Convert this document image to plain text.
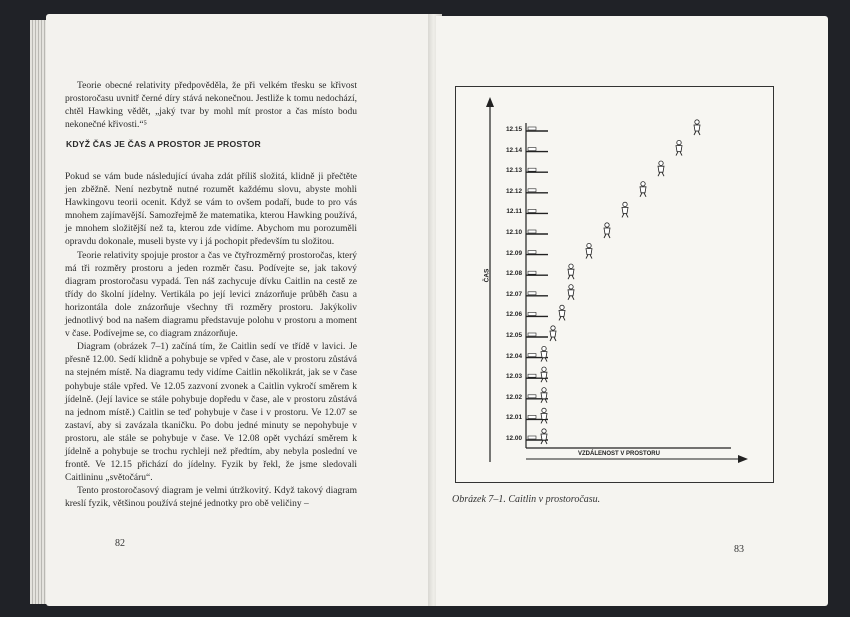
Teorie obecné relativity předpověděla, že při velkém třesku se křivost prostoročasu uvnitř černé díry stává nekonečnou. Jestliže k tomu nedochází, chtěl Hawking vědět, „jaký tvar by mohl mít prostor a čas místo bodu nekonečné křivosti.“⁵

KDYŽ ČAS JE ČAS A PROSTOR JE PROSTOR

Pokud se vám bude následující úvaha zdát příliš složitá, klidně ji přečtěte jen zběžně. Není nezbytně nutné rozumět každému slovu, abyste mohli Hawkingovu teorii ocenit. Když se vám to ovšem podaří, bude to pro vás mnohem zajímavější. Samozřejmě že matematika, kterou Hawking používá, je mnohem složitější než ta, kterou zde vidíme. Abychom mu porozuměli opravdu dokonale, museli byste vy i já pochopit především tu složitou.

Teorie relativity spojuje prostor a čas ve čtyřrozměrný prostoročas, který má tři rozměry prostoru a jeden rozměr času. Podívejte se, jak takový diagram prostoročasu vypadá. Ten náš zachycuje dívku Caitlin na cestě ze třídy do školní jídelny. Vertikála po její levici znázorňuje průběh času a horizontála dole znázorňuje všechny tři rozměry prostoru. Jakýkoliv jednotlivý bod na našem diagramu představuje polohu v prostoru a moment v čase. Podívejme se, co diagram znázorňuje.

Diagram (obrázek 7–1) začíná tím, že Caitlin sedí ve třídě v lavici. Je přesně 12.00. Sedí klidně a pohybuje se vpřed v čase, ale v prostoru zůstává na stejném místě. Na diagramu tedy vidíme Caitlin několikrát, jak se v čase pohybuje stále vpřed. Ve 12.05 zazvoní zvonek a Caitlin vykročí směrem k jídelně. (Její lavice se stále pohybuje dopředu v čase, ale v prostoru zůstává na jednom místě.) Caitlin se teď pohybuje v čase i v prostoru. Ve 12.07 se zastaví, aby si zavázala tkaničku. Po dobu jedné minuty se nepohybuje v prostoru, ale stále se pohybuje v čase. Ve 12.08 opět vychází směrem k jídelně a pohybuje se trochu rychleji než předtím, aby nebyla poslední ve frontě. Ve 12.15 přichází do jídelny. Fyzik by řekl, že jsme sledovali Caitlininu „světočáru“.

Tento prostoročasový diagram je velmi útržkovitý. Když takový diagram kreslí fyzik, většinou používá stejné jednotky pro obě veličiny –

82
ČAS
VZDÁLENOST V PROSTORU
12.00
12.01
12.02
12.03
12.04
12.05
12.06
12.07
12.08
12.09
12.10
12.11
12.12
12.13
12.14
12.15
Obrázek 7–1. Caitlin v prostoročasu.
83
